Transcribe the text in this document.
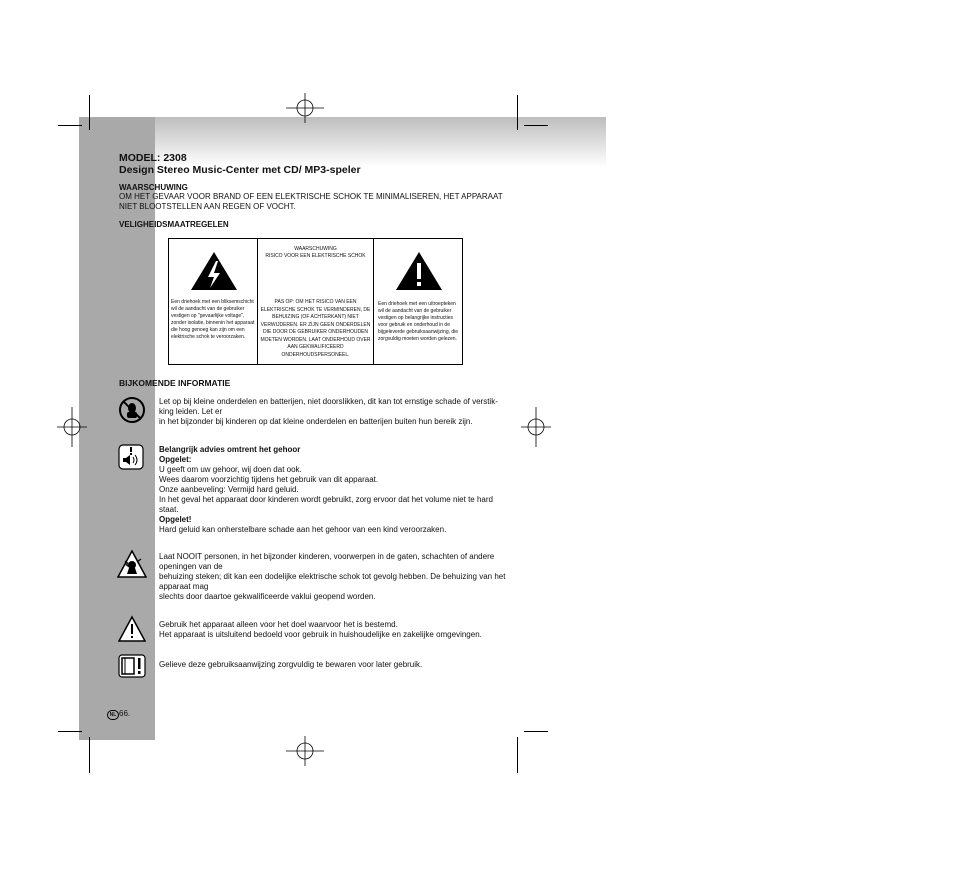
MODEL: 2308
Design Stereo Music-Center met CD/ MP3-speler
WAARSCHUWING
OM HET GEVAAR VOOR BRAND OF EEN ELEKTRISCHE SCHOK TE MINIMALISEREN, HET APPARAAT NIET BLOOTSTELLEN AAN REGEN OF VOCHT.
VELIGHEIDSMAATREGELEN
Een driehoek met een bliksemschicht wil de aandacht van de gebruiker vestigen op "gevaarlijke voltage", zonder isolatie, binnenin het apparaat die hoog genoeg kan zijn om een elektrische schok te veroorzaken.
WAARSCHUWING
RISICO VOOR EEN ELEKTRISCHE SCHOK
PAS OP: OM HET RISICO VAN EEN ELEKTRISCHE SCHOK TE VERMINDEREN, DE BEHUIZING (OF ACHTERKANT) NIET VERWIJDEREN. ER ZIJN GEEN ONDERDELEN DIE DOOR DE GEBRUIKER ONDERHOUDEN MOETEN WORDEN. LAAT ONDERHOUD OVER AAN GEKWALIFICEERD ONDERHOUDSPERSONEEL.
Een driehoek met een uitroepteken wil de aandacht van de gebruiker vestigen op belangrijke instructies voor gebruik en onderhoud in de bijgeleverde gebruiksaanwijzing, die zorgvuldig moeten worden gelezen.
BIJKOMENDE INFORMATIE
Let op bij kleine onderdelen en batterijen, niet doorslikken, dit kan tot ernstige schade of verstik-
king leiden. Let er
in het bijzonder bij kinderen op dat kleine onderdelen en batterijen buiten hun bereik zijn.
Belangrijk advies omtrent het gehoor
Opgelet:
U geeft om uw gehoor, wij doen dat ook.
Wees daarom voorzichtig tijdens het gebruik van dit apparaat.
Onze aanbeveling: Vermijd hard geluid.
In het geval het apparaat door kinderen wordt gebruikt, zorg ervoor dat het volume niet te hard
staat.
Opgelet!
Hard geluid kan onherstelbare schade aan het gehoor van een kind veroorzaken.
Laat NOOIT personen, in het bijzonder kinderen, voorwerpen in de gaten, schachten of andere
openingen van de
behuizing steken; dit kan een dodelijke elektrische schok tot gevolg hebben. De behuizing van het
apparaat mag
slechts door daartoe gekwalificeerde vaklui geopend worden.
Gebruik het apparaat alleen voor het doel waarvoor het is bestemd.
Het apparaat is uitsluitend bedoeld voor gebruik in huishoudelijke en zakelijke omgevingen.
Gelieve deze gebruiksaanwijzing zorgvuldig te bewaren voor later gebruik.
NL 66.
